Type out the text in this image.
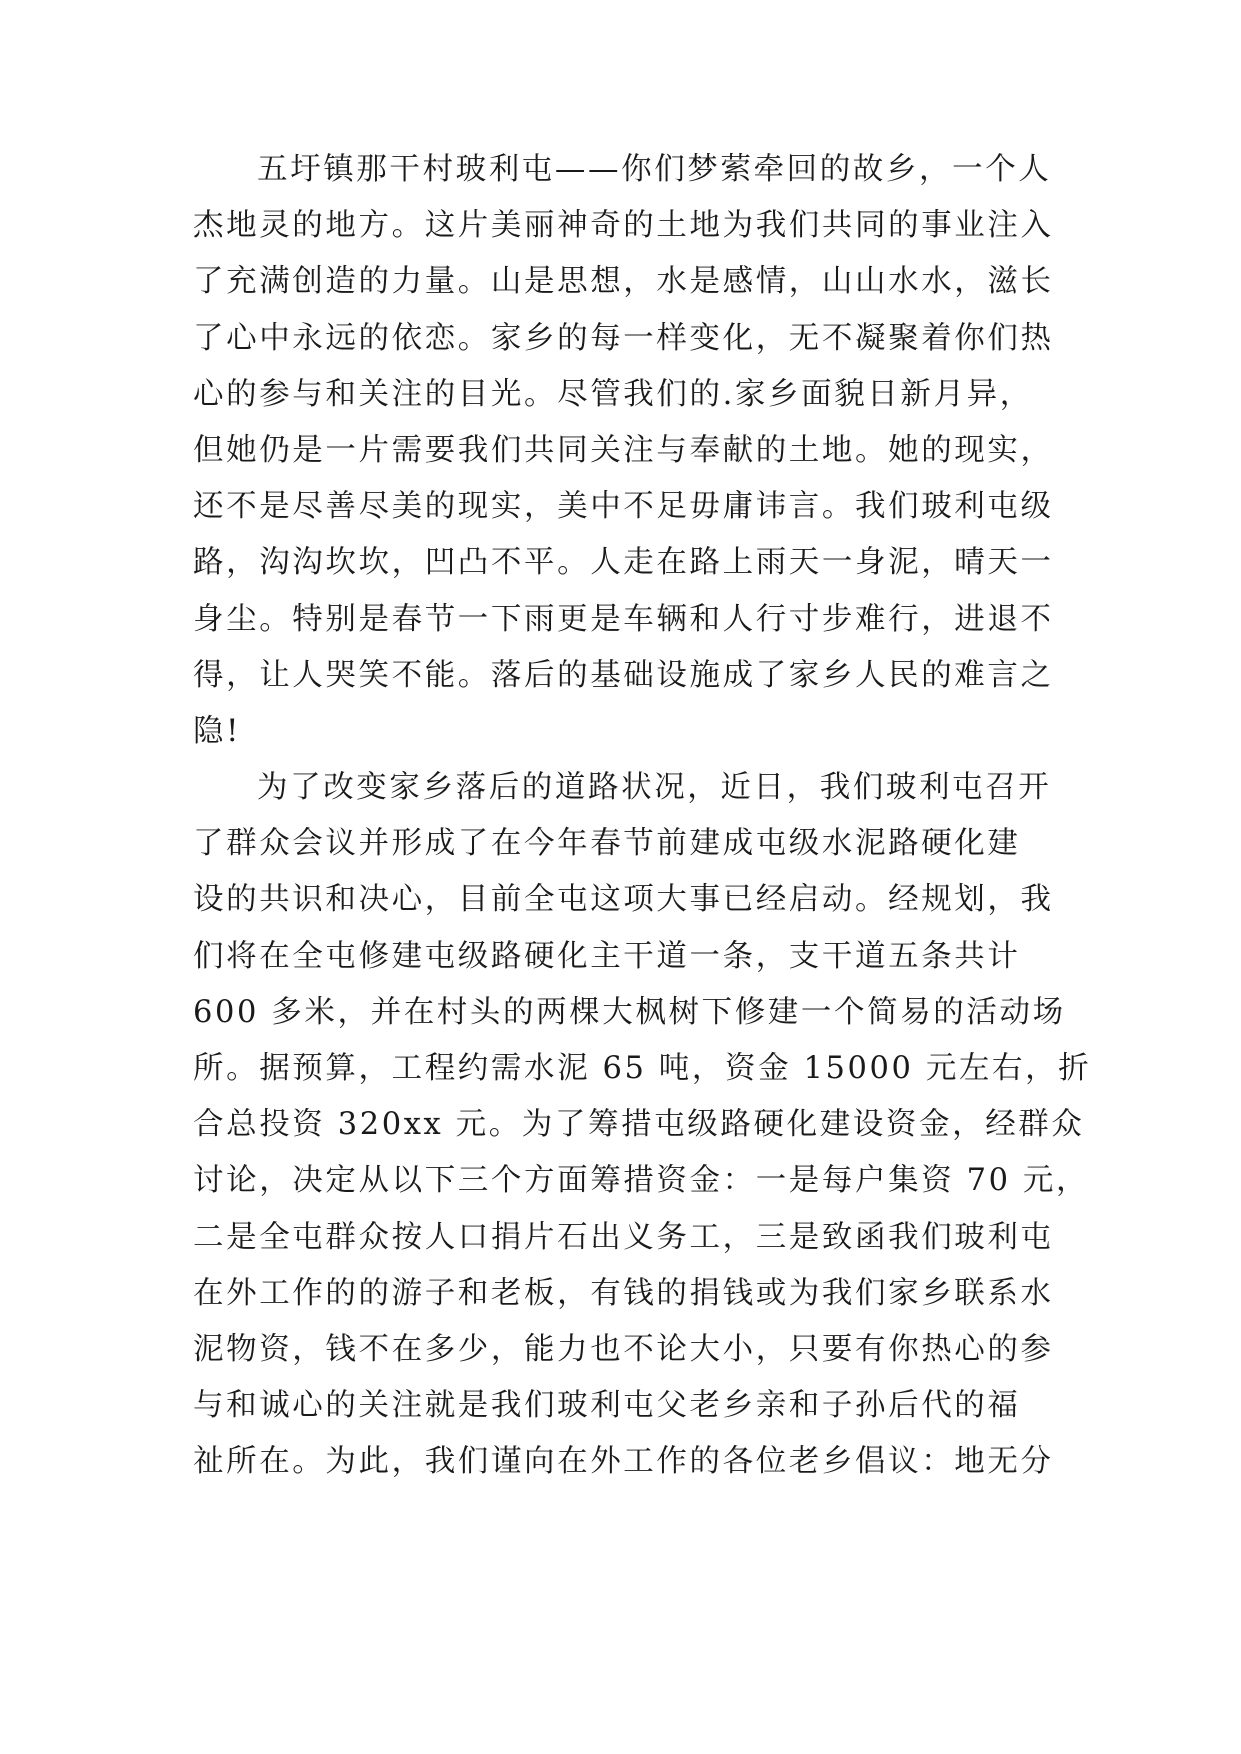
五圩镇那干村玻利屯——你们梦萦牵回的故乡，一个人
杰地灵的地方。这片美丽神奇的土地为我们共同的事业注入
了充满创造的力量。山是思想，水是感情，山山水水，滋长
了心中永远的依恋。家乡的每一样变化，无不凝聚着你们热
心的参与和关注的目光。尽管我们的.家乡面貌日新月异，
但她仍是一片需要我们共同关注与奉献的土地。她的现实，
还不是尽善尽美的现实，美中不足毋庸讳言。我们玻利屯级
路，沟沟坎坎，凹凸不平。人走在路上雨天一身泥，晴天一
身尘。特别是春节一下雨更是车辆和人行寸步难行，进退不
得，让人哭笑不能。落后的基础设施成了家乡人民的难言之
隐!
为了改变家乡落后的道路状况，近日，我们玻利屯召开
了群众会议并形成了在今年春节前建成屯级水泥路硬化建
设的共识和决心，目前全屯这项大事已经启动。经规划，我
们将在全屯修建屯级路硬化主干道一条，支干道五条共计
600 多米，并在村头的两棵大枫树下修建一个简易的活动场
所。据预算，工程约需水泥 65 吨，资金 15000 元左右，折
合总投资 320xx 元。为了筹措屯级路硬化建设资金，经群众
讨论，决定从以下三个方面筹措资金：一是每户集资 70 元，
二是全屯群众按人口捐片石出义务工，三是致函我们玻利屯
在外工作的的游子和老板，有钱的捐钱或为我们家乡联系水
泥物资，钱不在多少，能力也不论大小，只要有你热心的参
与和诚心的关注就是我们玻利屯父老乡亲和子孙后代的福
祉所在。为此，我们谨向在外工作的各位老乡倡议：地无分
